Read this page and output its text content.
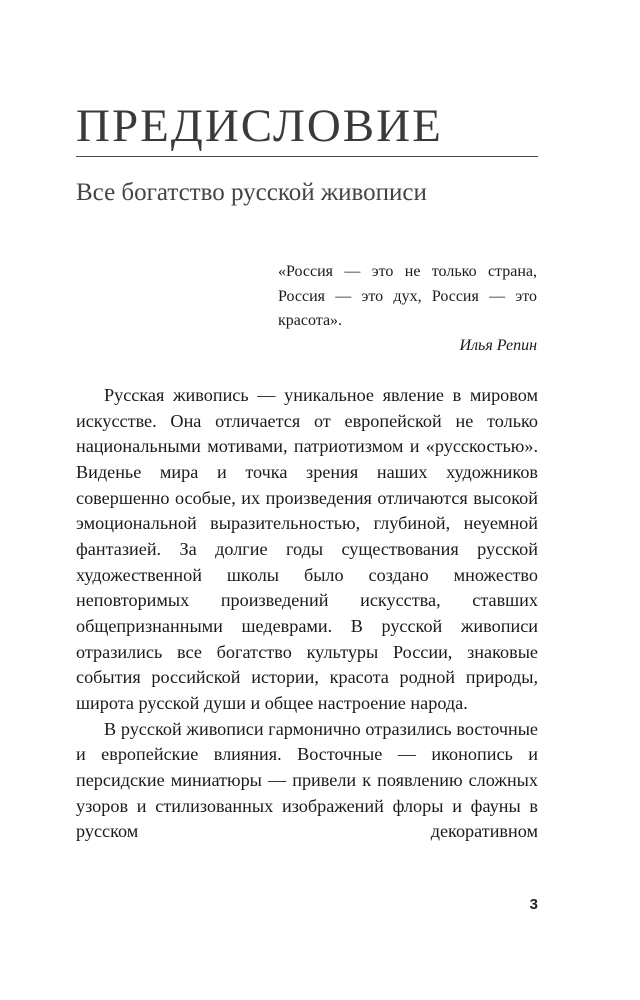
ПРЕДИСЛОВИЕ
Все богатство русской живописи

«Россия — это не только страна, Россия — это дух, Россия — это красота».

Илья Репин

Русская живопись — уникальное явление в мировом искусстве. Она отличается от европейской не только национальными мотивами, патриотизмом и «русскостью». Виденье мира и точка зрения наших художников совершенно особые, их произведения отличаются высокой эмоциональной выразительностью, глубиной, неуемной фантазией. За долгие годы существования русской художественной школы было создано множество неповторимых произведений искусства, ставших общепризнанными шедеврами. В русской живописи отразились все богатство культуры России, знаковые события российской истории, красота родной природы, широта русской души и общее настроение народа.

В русской живописи гармонично отразились восточные и европейские влияния. Восточные — иконопись и персидские миниатюры — привели к появлению сложных узоров и стилизованных изображений флоры и фауны в русском декоративном

3
